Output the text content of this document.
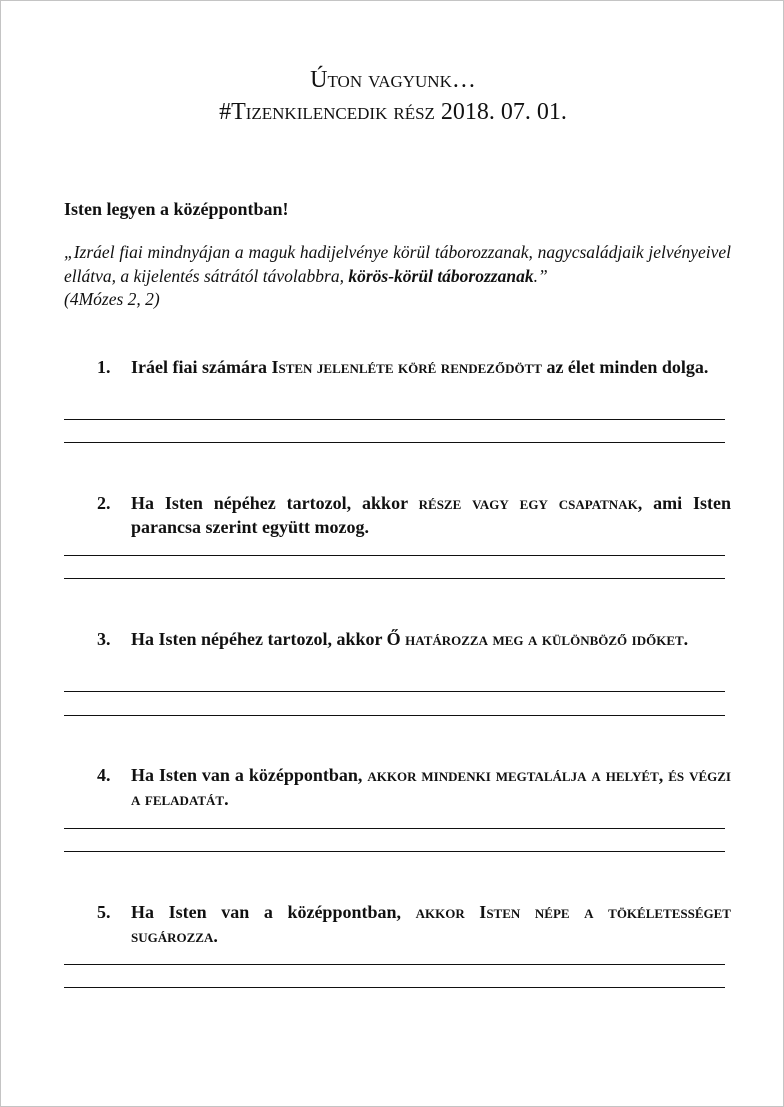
Úton vagyunk…
#Tizenkilencedik rész 2018. 07. 01.
Isten legyen a középpontban!
„Izráel fiai mindnyájan a maguk hadijelvénye körül táborozzanak, nagycsaládjaik jelvényeivel ellátva, a kijelentés sátrától távolabbra, körös-körül táborozzanak.”
(4Mózes 2, 2)
1. Iráel fiai számára Isten jelenléte köré rendeződött az élet minden dolga.
2. Ha Isten népéhez tartozol, akkor része vagy egy csapatnak, ami Isten parancsa szerint együtt mozog.
3. Ha Isten népéhez tartozol, akkor Ő határozza meg a különböző időket.
4. Ha Isten van a középpontban, akkor mindenki megtalálja a helyét, és végzi a feladatát.
5. Ha Isten van a középpontban, akkor Isten népe a tökéletességet sugározza.
